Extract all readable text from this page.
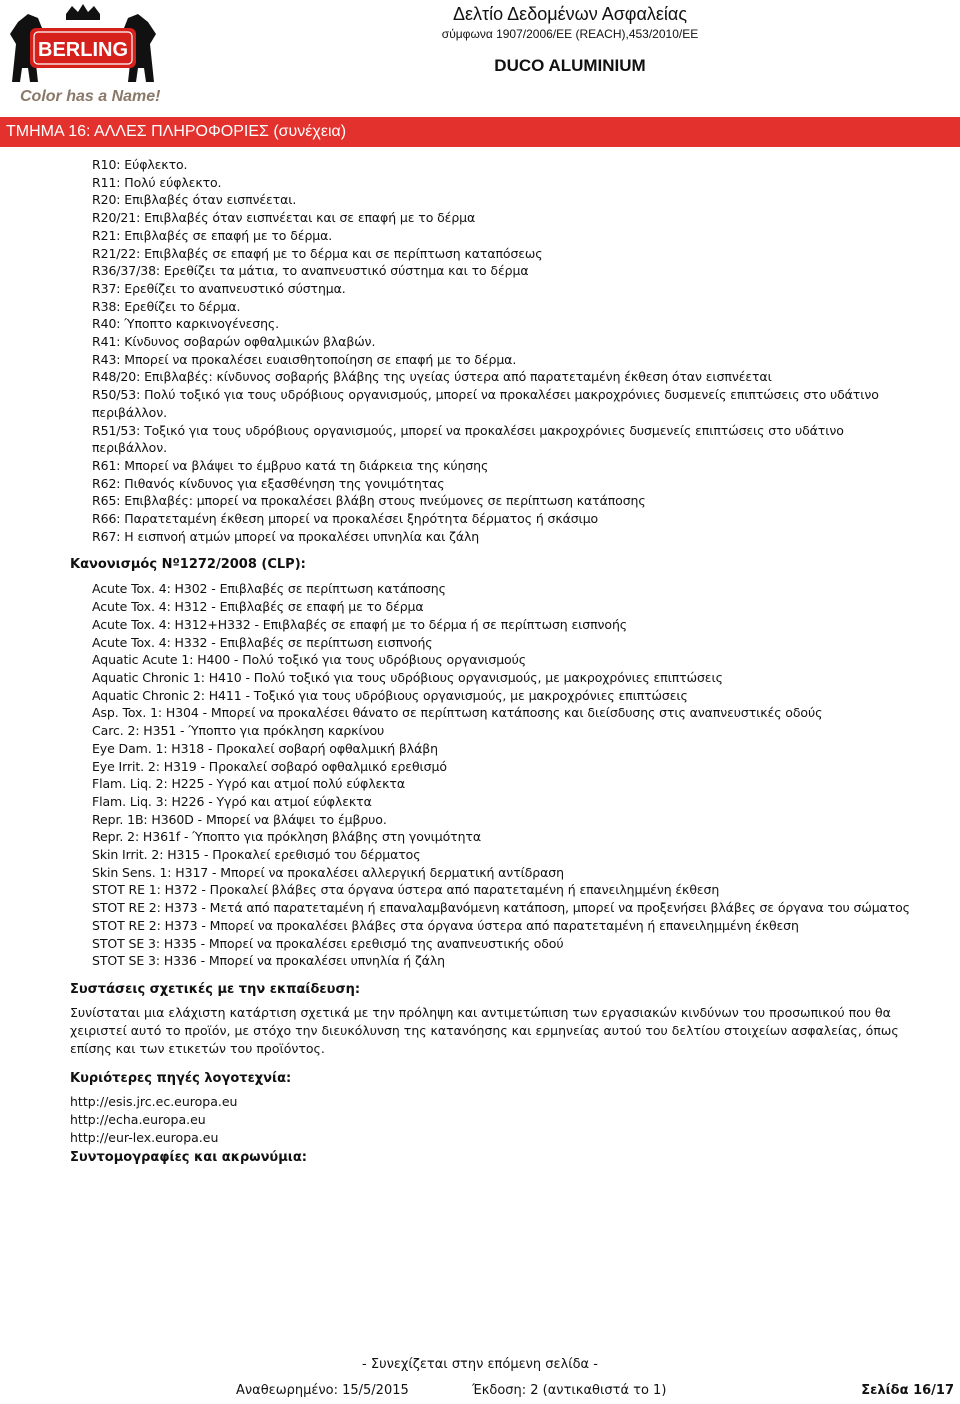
BERLING
Color has a Name!
Δελτίο Δεδομένων Ασφαλείας
σύμφωνα 1907/2006/ΕΕ (REACH),453/2010/ΕΕ
DUCO ALUMINIUM
ΤΜΗΜΑ 16: ΑΛΛΕΣ ΠΛΗΡΟΦΟΡΙΕΣ (συνέχεια)
R10: Εύφλεκτο.
R11: Πολύ εύφλεκτο.
R20: Επιβλαβές όταν εισπνέεται.
R20/21: Επιβλαβές όταν εισπνέεται και σε επαφή με το δέρμα
R21: Επιβλαβές σε επαφή με το δέρμα.
R21/22: Επιβλαβές σε επαφή με το δέρμα και σε περίπτωση καταπόσεως
R36/37/38: Ερεθίζει τα μάτια, το αναπνευστικό σύστημα και το δέρμα
R37: Ερεθίζει το αναπνευστικό σύστημα.
R38: Ερεθίζει το δέρμα.
R40: Ύποπτο καρκινογένεσης.
R41: Κίνδυνος σοβαρών οφθαλμικών βλαβών.
R43: Μπορεί να προκαλέσει ευαισθητοποίηση σε επαφή με το δέρμα.
R48/20: Επιβλαβές: κίνδυνος σοβαρής βλάβης της υγείας ύστερα από παρατεταμένη έκθεση όταν εισπνέεται
R50/53: Πολύ τοξικό για τους υδρόβιους οργανισμούς, μπορεί να προκαλέσει μακροχρόνιες δυσμενείς επιπτώσεις στο υδάτινο περιβάλλον.
R51/53: Τοξικό για τους υδρόβιους οργανισμούς, μπορεί να προκαλέσει μακροχρόνιες δυσμενείς επιπτώσεις στο υδάτινο περιβάλλον.
R61: Μπορεί να βλάψει το έμβρυο κατά τη διάρκεια της κύησης
R62: Πιθανός κίνδυνος για εξασθένηση της γονιμότητας
R65: Επιβλαβές: μπορεί να προκαλέσει βλάβη στους πνεύμονες σε περίπτωση κατάποσης
R66: Παρατεταμένη έκθεση μπορεί να προκαλέσει ξηρότητα δέρματος ή σκάσιμο
R67: Η εισπνοή ατμών μπορεί να προκαλέσει υπνηλία και ζάλη
Κανονισμός Nº1272/2008 (CLP):
Acute Tox. 4: H302 - Επιβλαβές σε περίπτωση κατάποσης
Acute Tox. 4: H312 - Επιβλαβές σε επαφή με το δέρμα
Acute Tox. 4: H312+H332 - Επιβλαβές σε επαφή με το δέρμα ή σε περίπτωση εισπνοής
Acute Tox. 4: H332 - Επιβλαβές σε περίπτωση εισπνοής
Aquatic Acute 1: H400 - Πολύ τοξικό για τους υδρόβιους οργανισμούς
Aquatic Chronic 1: H410 - Πολύ τοξικό για τους υδρόβιους οργανισμούς, με μακροχρόνιες επιπτώσεις
Aquatic Chronic 2: H411 - Τοξικό για τους υδρόβιους οργανισμούς, με μακροχρόνιες επιπτώσεις
Asp. Tox. 1: H304 - Μπορεί να προκαλέσει θάνατο σε περίπτωση κατάποσης και διείσδυσης στις αναπνευστικές οδούς
Carc. 2: H351 - Ύποπτο για πρόκληση καρκίνου
Eye Dam. 1: H318 - Προκαλεί σοβαρή οφθαλμική βλάβη
Eye Irrit. 2: H319 - Προκαλεί σοβαρό οφθαλμικό ερεθισμό
Flam. Liq. 2: H225 - Υγρό και ατμοί πολύ εύφλεκτα
Flam. Liq. 3: H226 - Υγρό και ατμοί εύφλεκτα
Repr. 1B: H360D - Μπορεί να βλάψει το έμβρυο.
Repr. 2: H361f - Ύποπτο για πρόκληση βλάβης στη γονιμότητα
Skin Irrit. 2: H315 - Προκαλεί ερεθισμό του δέρματος
Skin Sens. 1: H317 - Μπορεί να προκαλέσει αλλεργική δερματική αντίδραση
STOT RE 1: H372 - Προκαλεί βλάβες στα όργανα ύστερα από παρατεταμένη ή επανειλημμένη έκθεση
STOT RE 2: H373 - Μετά από παρατεταμένη ή επαναλαμβανόμενη κατάποση, μπορεί να προξενήσει βλάβες σε όργανα του σώματος
STOT RE 2: H373 - Μπορεί να προκαλέσει βλάβες στα όργανα ύστερα από παρατεταμένη ή επανειλημμένη έκθεση
STOT SE 3: H335 - Μπορεί να προκαλέσει ερεθισμό της αναπνευστικής οδού
STOT SE 3: H336 - Μπορεί να προκαλέσει υπνηλία ή ζάλη
Συστάσεις σχετικές με την εκπαίδευση:
Συνίσταται μια ελάχιστη κατάρτιση σχετικά με την πρόληψη και αντιμετώπιση των εργασιακών κινδύνων του προσωπικού που θα χειριστεί αυτό το προϊόν, με στόχο την διευκόλυνση της κατανόησης και ερμηνείας αυτού του δελτίου στοιχείων ασφαλείας, όπως επίσης και των ετικετών του προϊόντος.
Κυριότερες πηγές λογοτεχνία:
http://esis.jrc.ec.europa.eu
http://echa.europa.eu
http://eur-lex.europa.eu
Συντομογραφίες και ακρωνύμια:
- Συνεχίζεται στην επόμενη σελίδα -
Αναθεωρημένο: 15/5/2015	Έκδοση: 2 (αντικαθιστά το 1)	Σελίδα 16/17
